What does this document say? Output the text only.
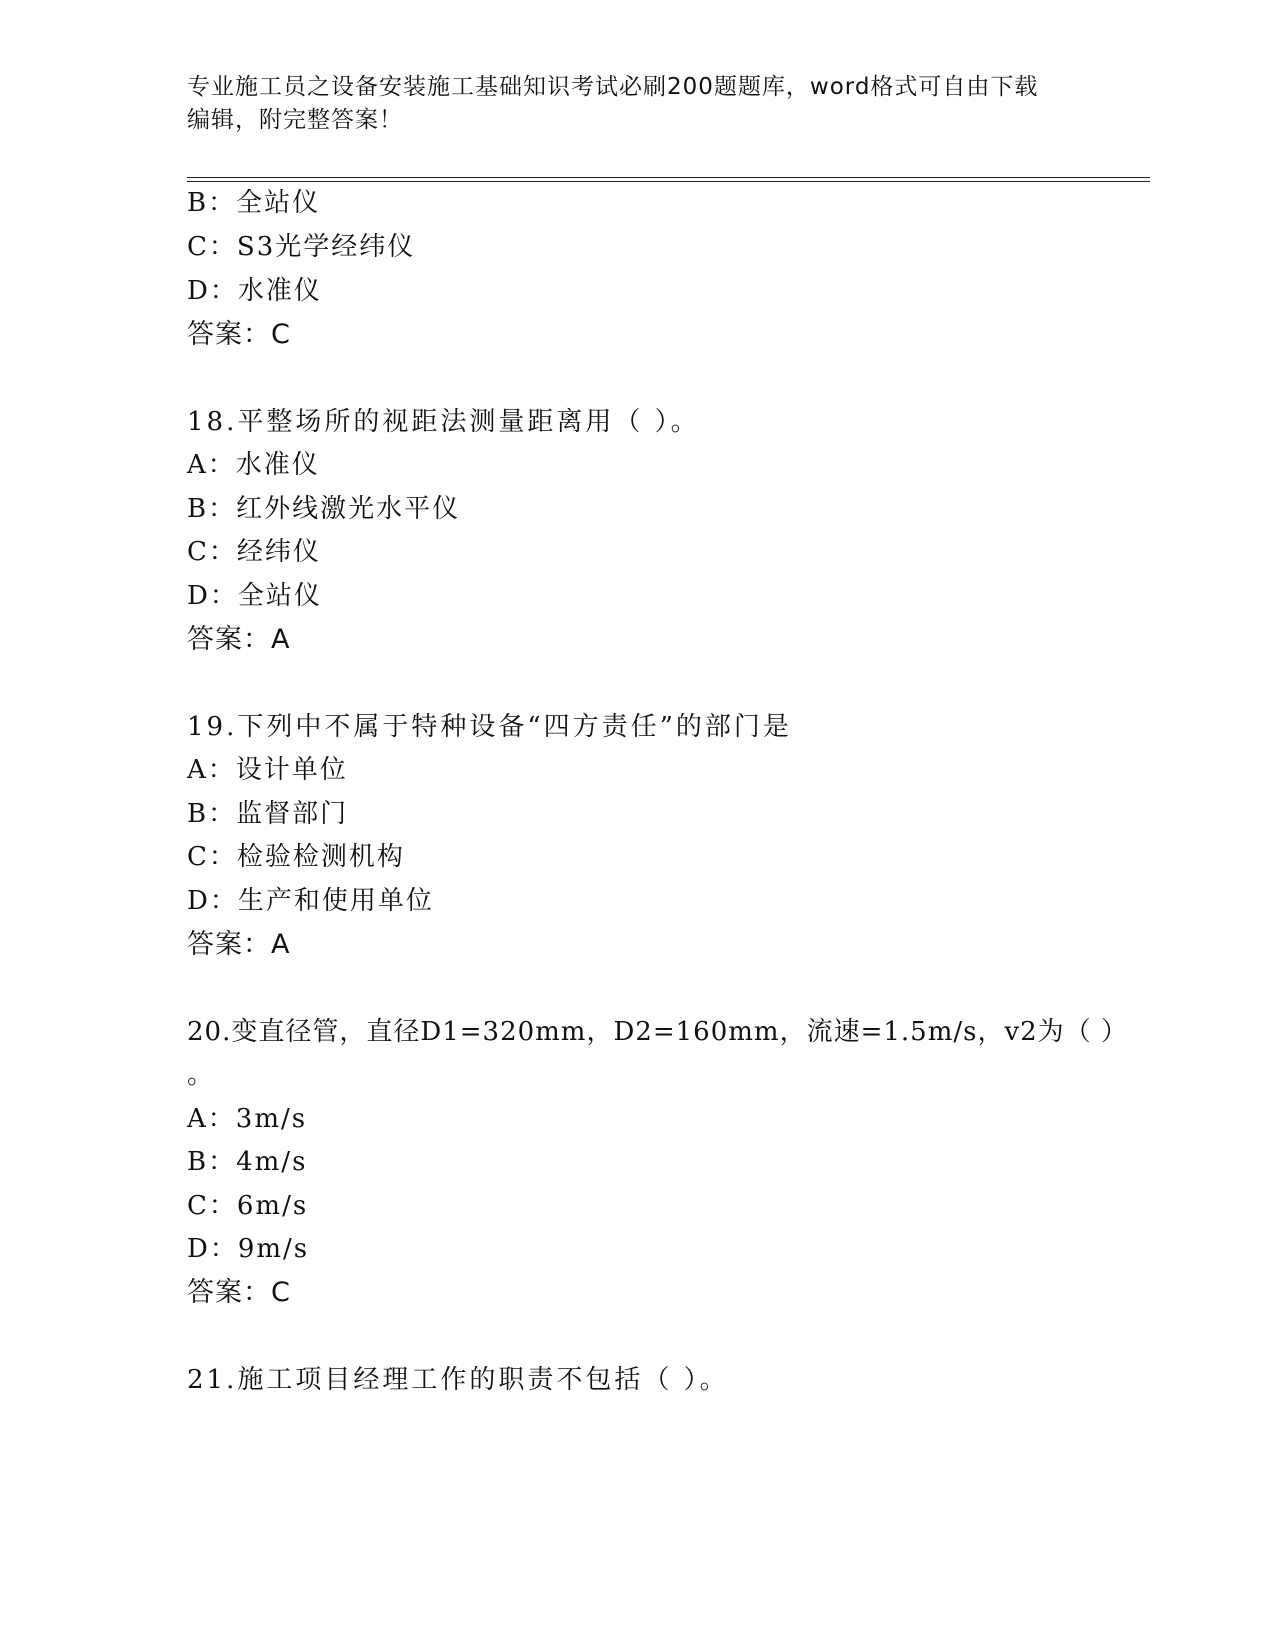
专业施工员之设备安装施工基础知识考试必刷200题题库，word格式可自由下载
编辑，附完整答案！
B：全站仪
C：S3光学经纬仪
D：水准仪
答案：C
18.平整场所的视距法测量距离用（ ）。
A：水准仪
B：红外线激光水平仪
C：经纬仪
D：全站仪
答案：A
19.下列中不属于特种设备“四方责任”的部门是
A：设计单位
B：监督部门
C：检验检测机构
D：生产和使用单位
答案：A
20.变直径管，直径D1=320mm，D2=160mm，流速=1.5m/s，v2为（ ）
。
A：3m/s
B：4m/s
C：6m/s
D：9m/s
答案：C
21.施工项目经理工作的职责不包括（ ）。
